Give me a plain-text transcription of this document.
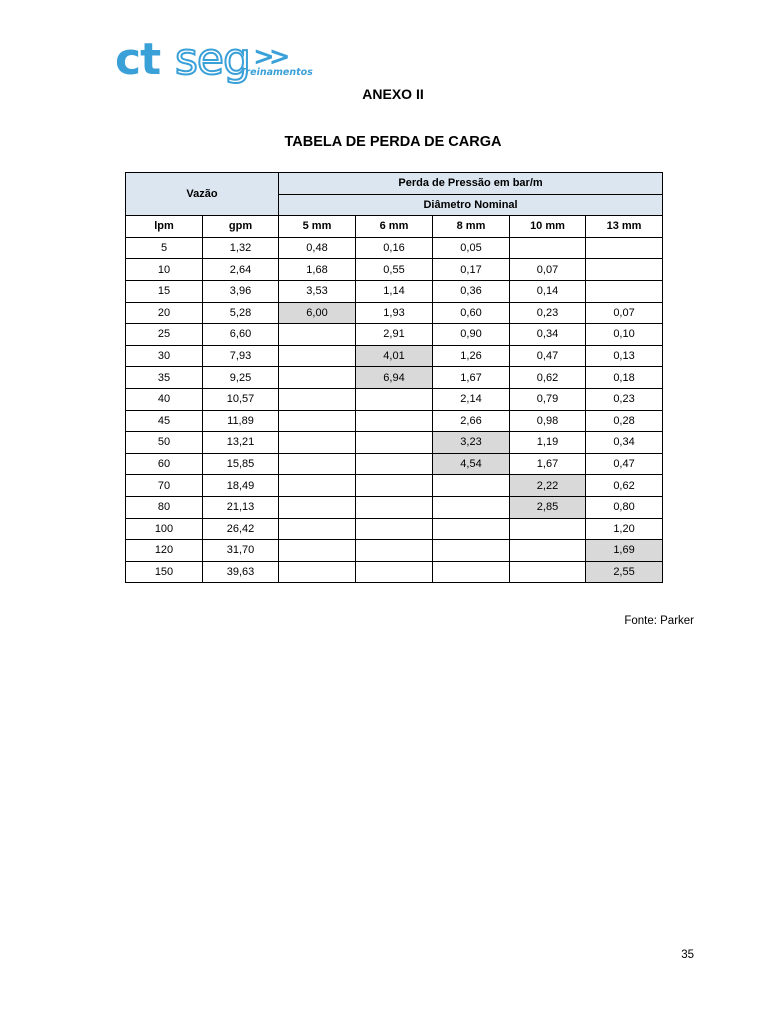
ct seg >>
Treinamentos
ANEXO II
TABELA DE PERDA DE CARGA
Vazão		Perda de Pressão em bar/m				
		Diâmetro Nominal				
lpm	gpm	5 mm	6 mm	8 mm	10 mm	13 mm
5	1,32	0,48	0,16	0,05		
10	2,64	1,68	0,55	0,17	0,07	
15	3,96	3,53	1,14	0,36	0,14	
20	5,28	6,00	1,93	0,60	0,23	0,07
25	6,60		2,91	0,90	0,34	0,10
30	7,93		4,01	1,26	0,47	0,13
35	9,25		6,94	1,67	0,62	0,18
40	10,57			2,14	0,79	0,23
45	11,89			2,66	0,98	0,28
50	13,21			3,23	1,19	0,34
60	15,85			4,54	1,67	0,47
70	18,49				2,22	0,62
80	21,13				2,85	0,80
100	26,42					1,20
120	31,70					1,69
150	39,63					2,55
Fonte: Parker
35
